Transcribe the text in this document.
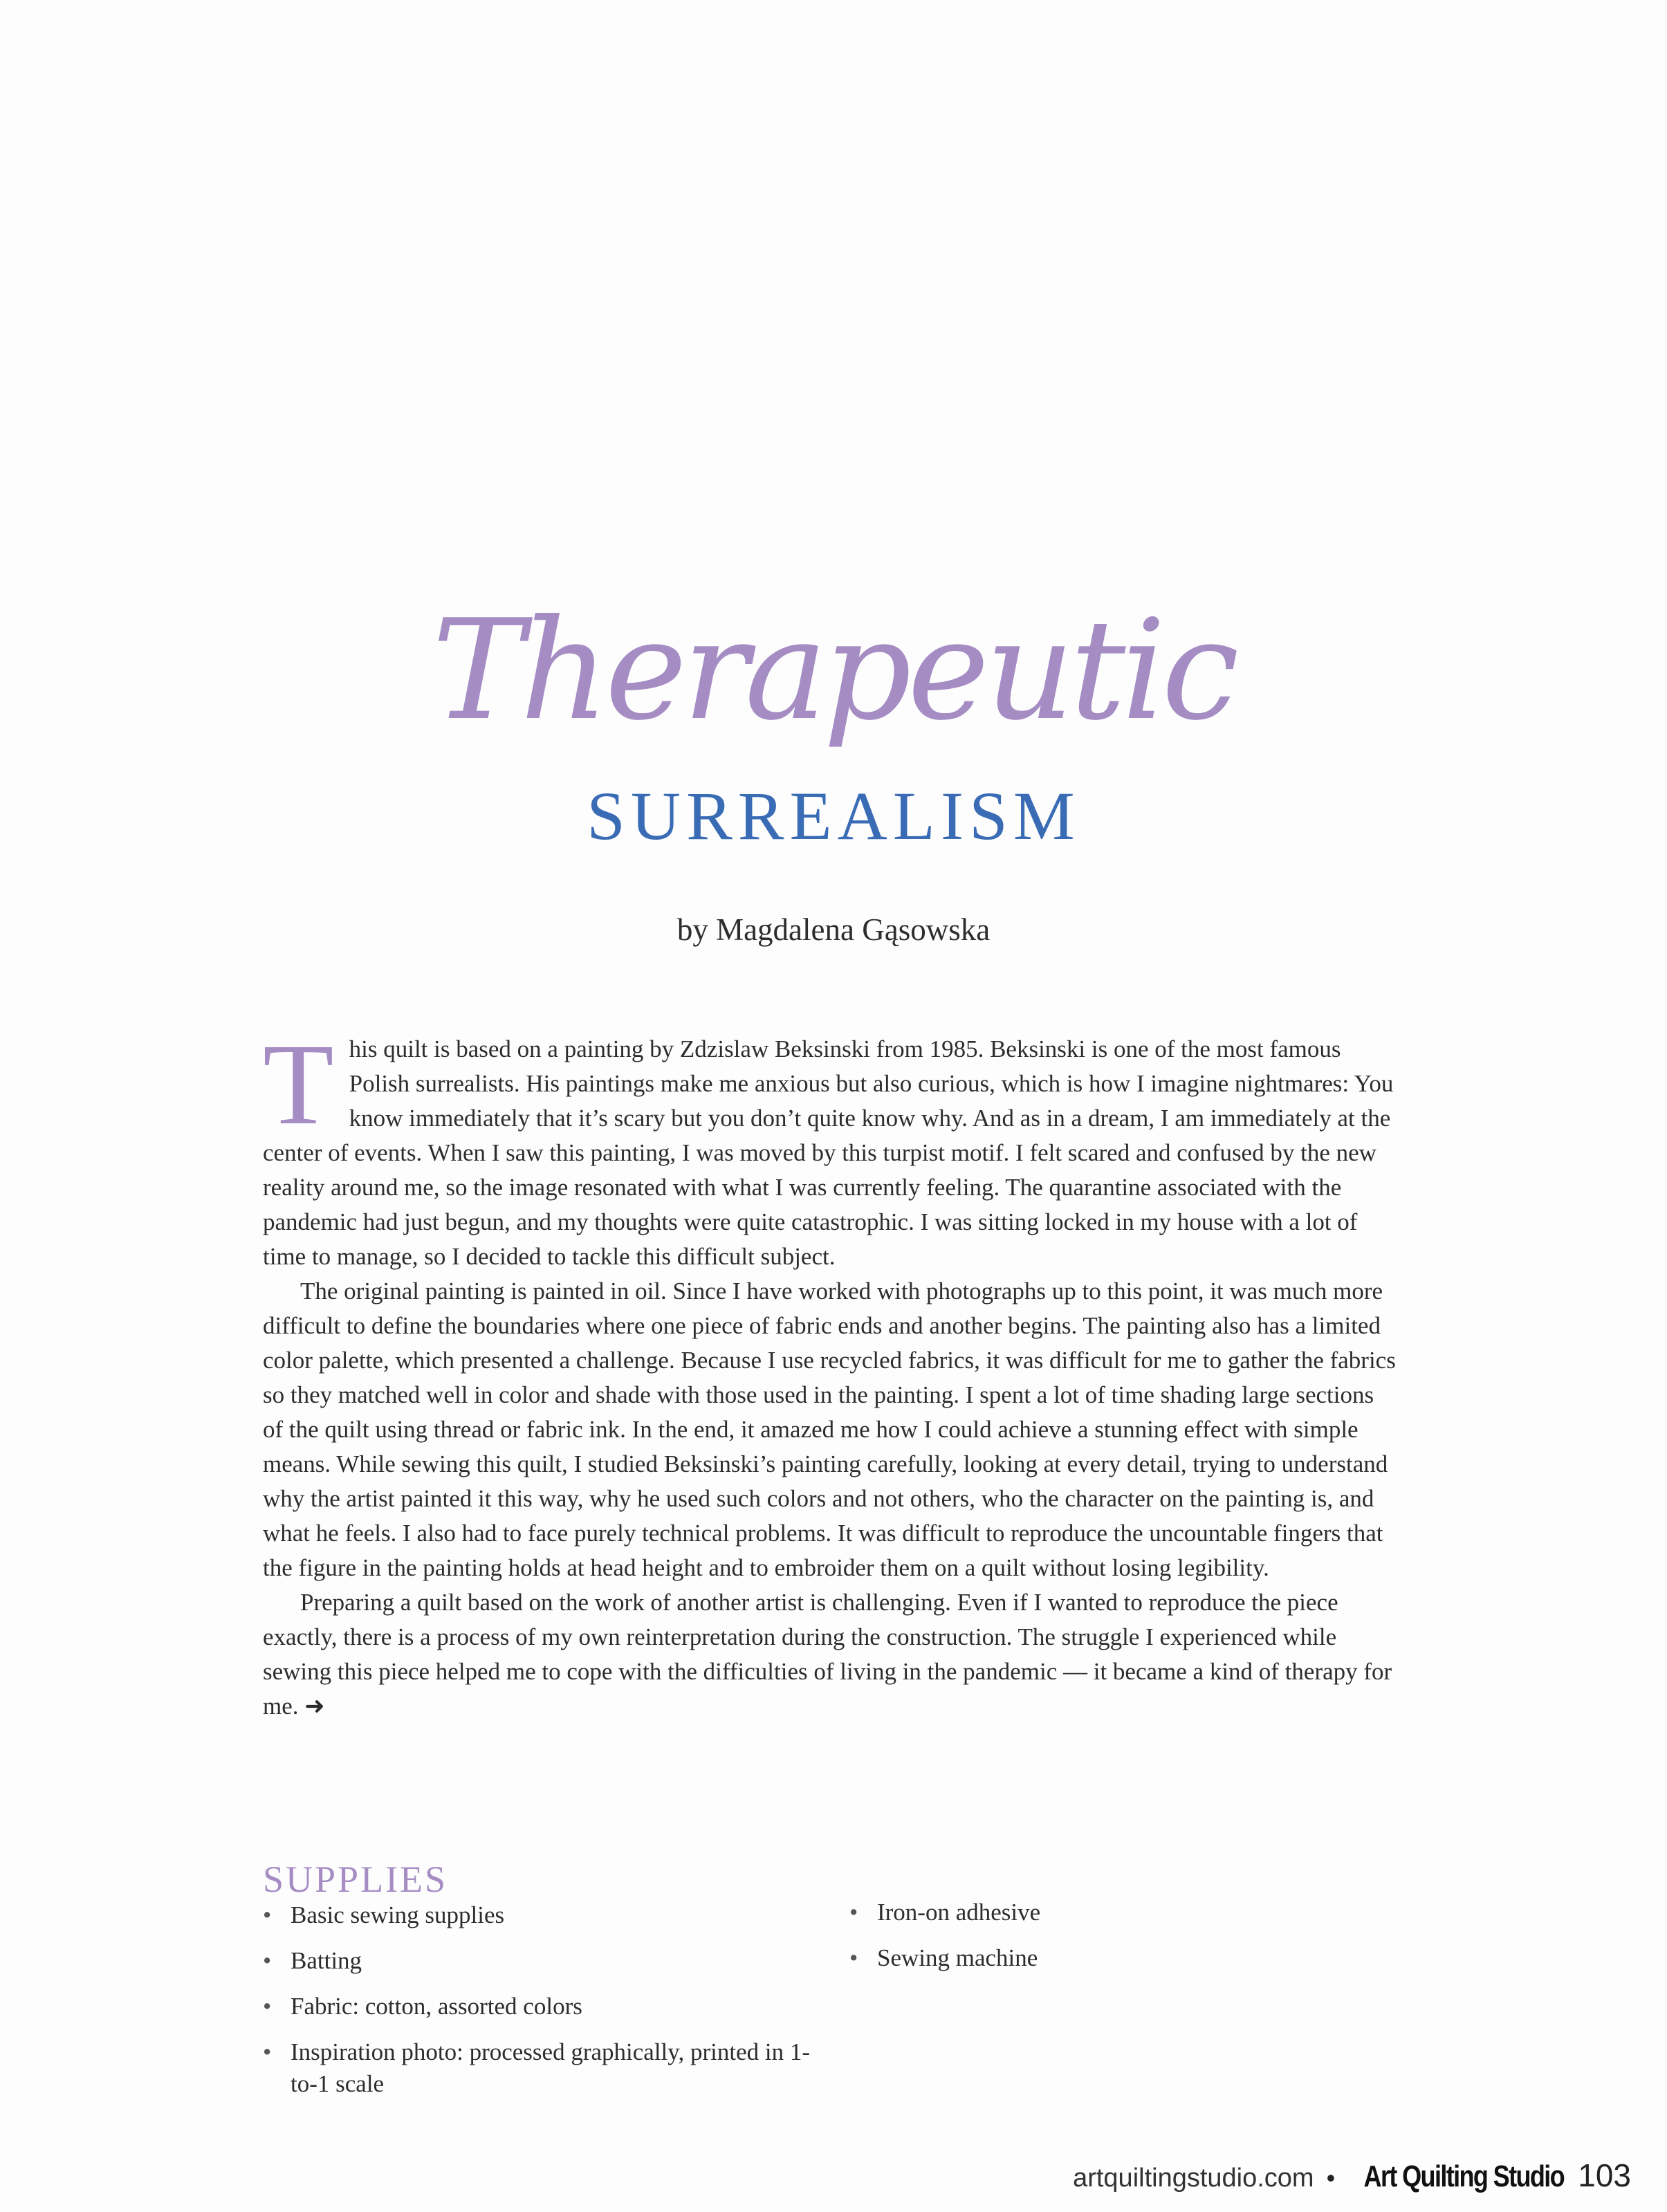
Therapeutic
SURREALISM
by Magdalena Gąsowska

This quilt is based on a painting by Zdzislaw Beksinski from 1985. Beksinski is one of the most famous Polish surrealists. His paintings make me anxious but also curious, which is how I imagine nightmares: You know immediately that it’s scary but you don’t quite know why. And as in a dream, I am immediately at the center of events. When I saw this painting, I was moved by this turpist motif. I felt scared and confused by the new reality around me, so the image resonated with what I was currently feeling. The quarantine associated with the pandemic had just begun, and my thoughts were quite catastrophic. I was sitting locked in my house with a lot of time to manage, so I decided to tackle this difficult subject.

The original painting is painted in oil. Since I have worked with photographs up to this point, it was much more difficult to define the boundaries where one piece of fabric ends and another begins. The painting also has a limited color palette, which presented a challenge. Because I use recycled fabrics, it was difficult for me to gather the fabrics so they matched well in color and shade with those used in the painting. I spent a lot of time shading large sections of the quilt using thread or fabric ink. In the end, it amazed me how I could achieve a stunning effect with simple means. While sewing this quilt, I studied Beksinski’s painting carefully, looking at every detail, trying to understand why the artist painted it this way, why he used such colors and not others, who the character on the painting is, and what he feels. I also had to face purely technical problems. It was difficult to reproduce the uncountable fingers that the figure in the painting holds at head height and to embroider them on a quilt without losing legibility.

Preparing a quilt based on the work of another artist is challenging. Even if I wanted to reproduce the piece exactly, there is a process of my own reinterpretation during the construction. The struggle I experienced while sewing this piece helped me to cope with the difficulties of living in the pandemic — it became a kind of therapy for me. ➜

SUPPLIES
• Basic sewing supplies
• Batting
• Fabric: cotton, assorted colors
• Inspiration photo: processed graphically, printed in 1-to-1 scale
• Iron-on adhesive
• Sewing machine
artquiltingstudio.com • Art Quilting Studio 103
